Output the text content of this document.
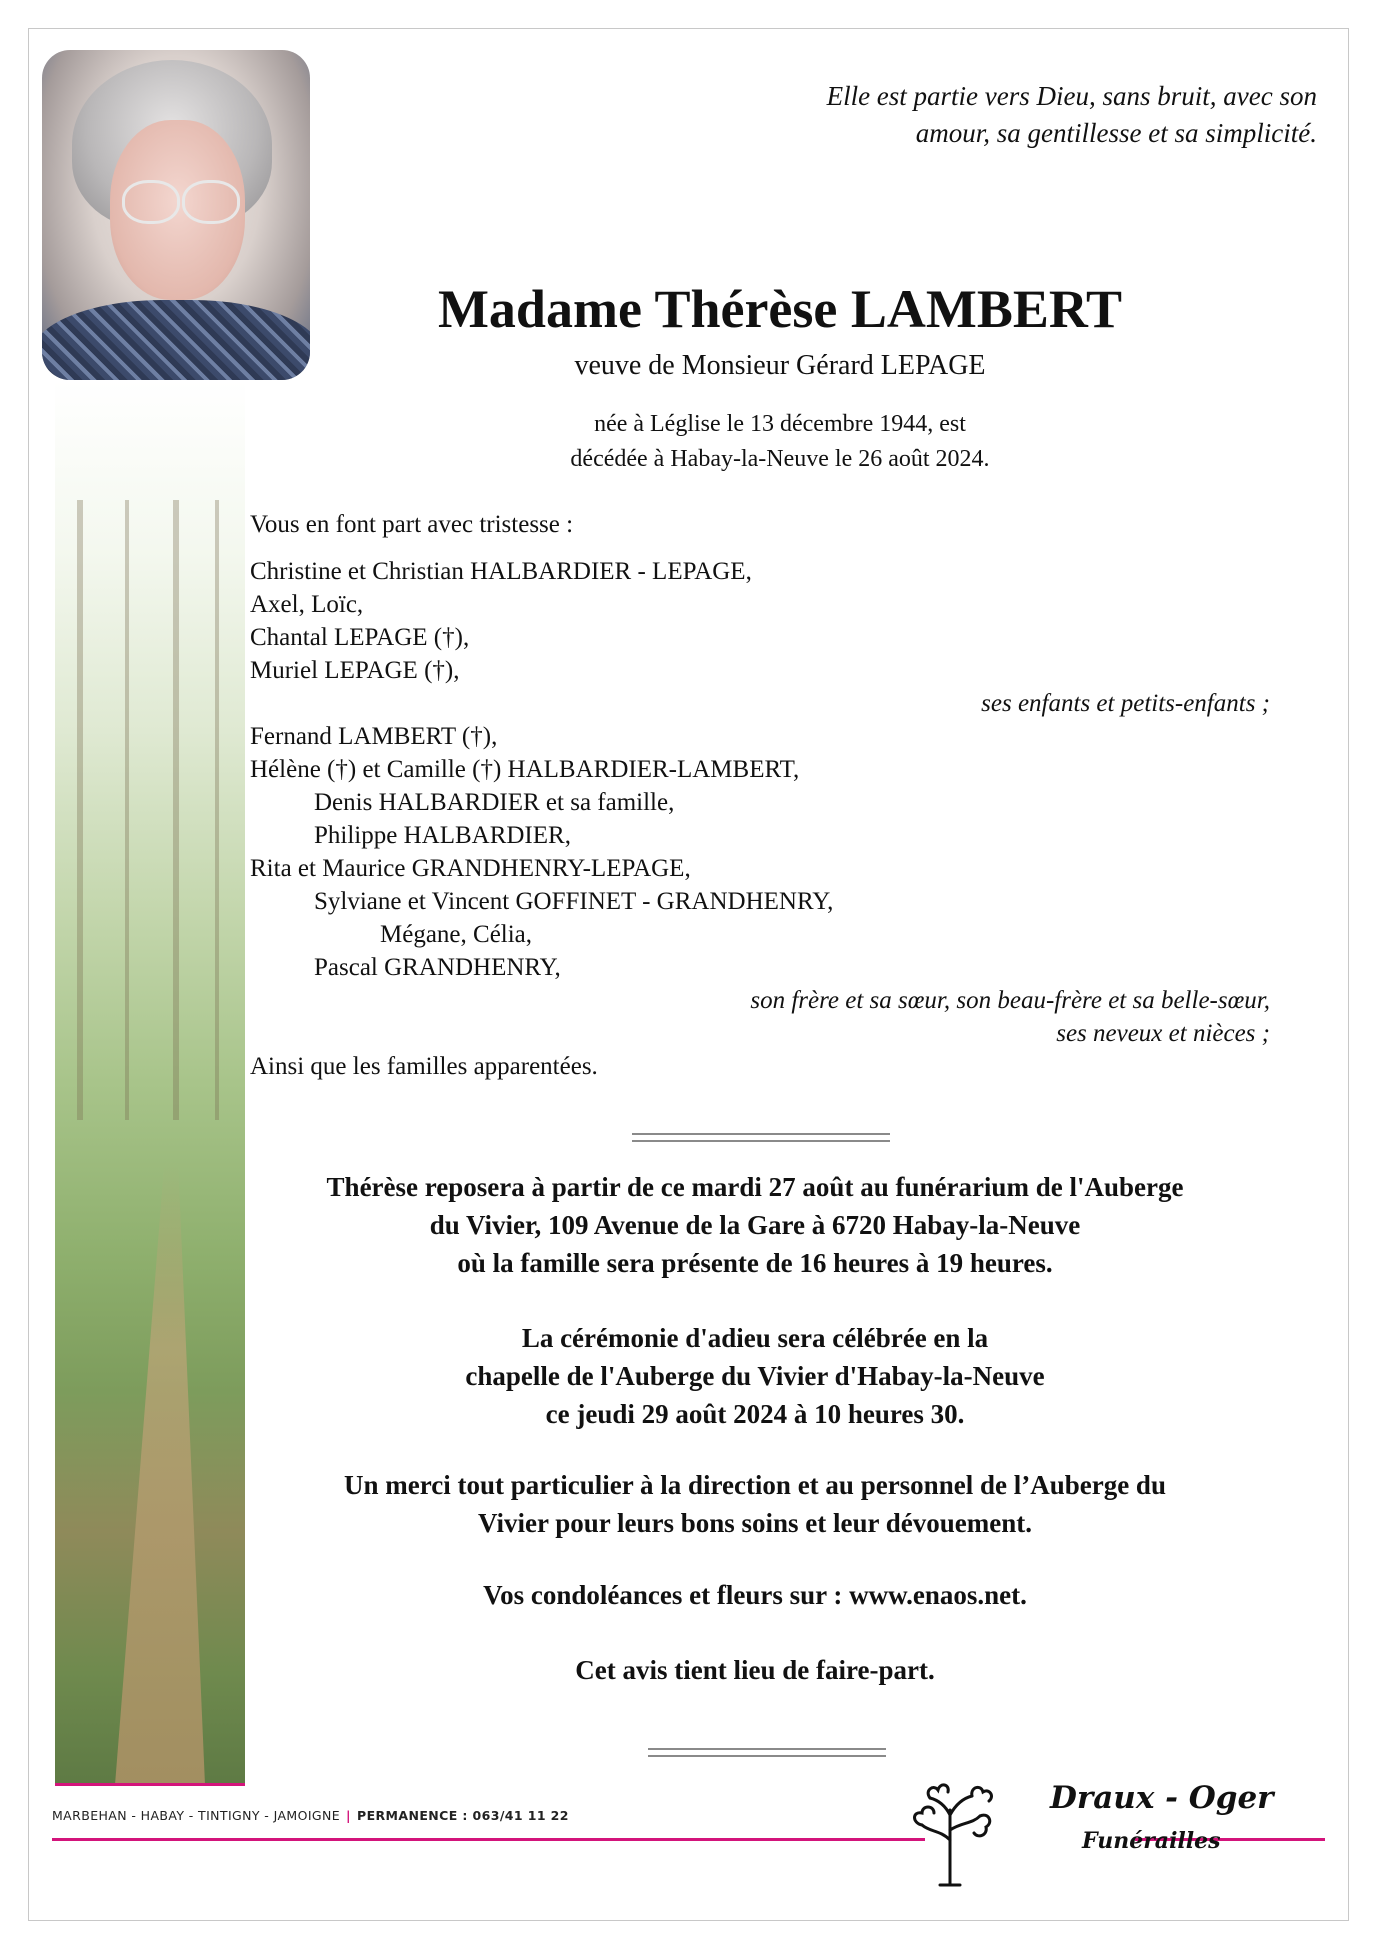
Elle est partie vers Dieu, sans bruit, avec son
amour, sa gentillesse et sa simplicité.
Madame Thérèse LAMBERT
veuve de Monsieur Gérard LEPAGE
née à Léglise le 13 décembre 1944, est
décédée à Habay-la-Neuve le 26 août 2024.
Vous en font part avec tristesse :
Christine et Christian HALBARDIER - LEPAGE,
Axel, Loïc,
Chantal LEPAGE (†),
Muriel LEPAGE (†),
ses enfants et petits-enfants ;
Fernand LAMBERT (†),
Hélène (†) et Camille (†) HALBARDIER-LAMBERT,
Denis HALBARDIER et sa famille,
Philippe HALBARDIER,
Rita et Maurice GRANDHENRY-LEPAGE,
Sylviane et Vincent GOFFINET - GRANDHENRY,
Mégane, Célia,
Pascal GRANDHENRY,
son frère et sa sœur, son beau-frère et sa belle-sœur,
ses neveux et nièces ;
Ainsi que les familles apparentées.
Thérèse reposera à partir de ce mardi 27 août au funérarium de l'Auberge
du Vivier, 109 Avenue de la Gare à 6720 Habay-la-Neuve
où la famille sera présente de 16 heures à 19 heures.
La cérémonie d'adieu sera célébrée en la
chapelle de l'Auberge du Vivier d'Habay-la-Neuve
ce jeudi 29 août 2024 à 10 heures 30.
Un merci tout particulier à la direction et au personnel de l’Auberge du
Vivier pour leurs bons soins et leur dévouement.
Vos condoléances et fleurs sur : www.enaos.net.
Cet avis tient lieu de faire-part.
MARBEHAN - HABAY - TINTIGNY - JAMOIGNE | PERMANENCE : 063/41 11 22	Draux - Oger
Funérailles
